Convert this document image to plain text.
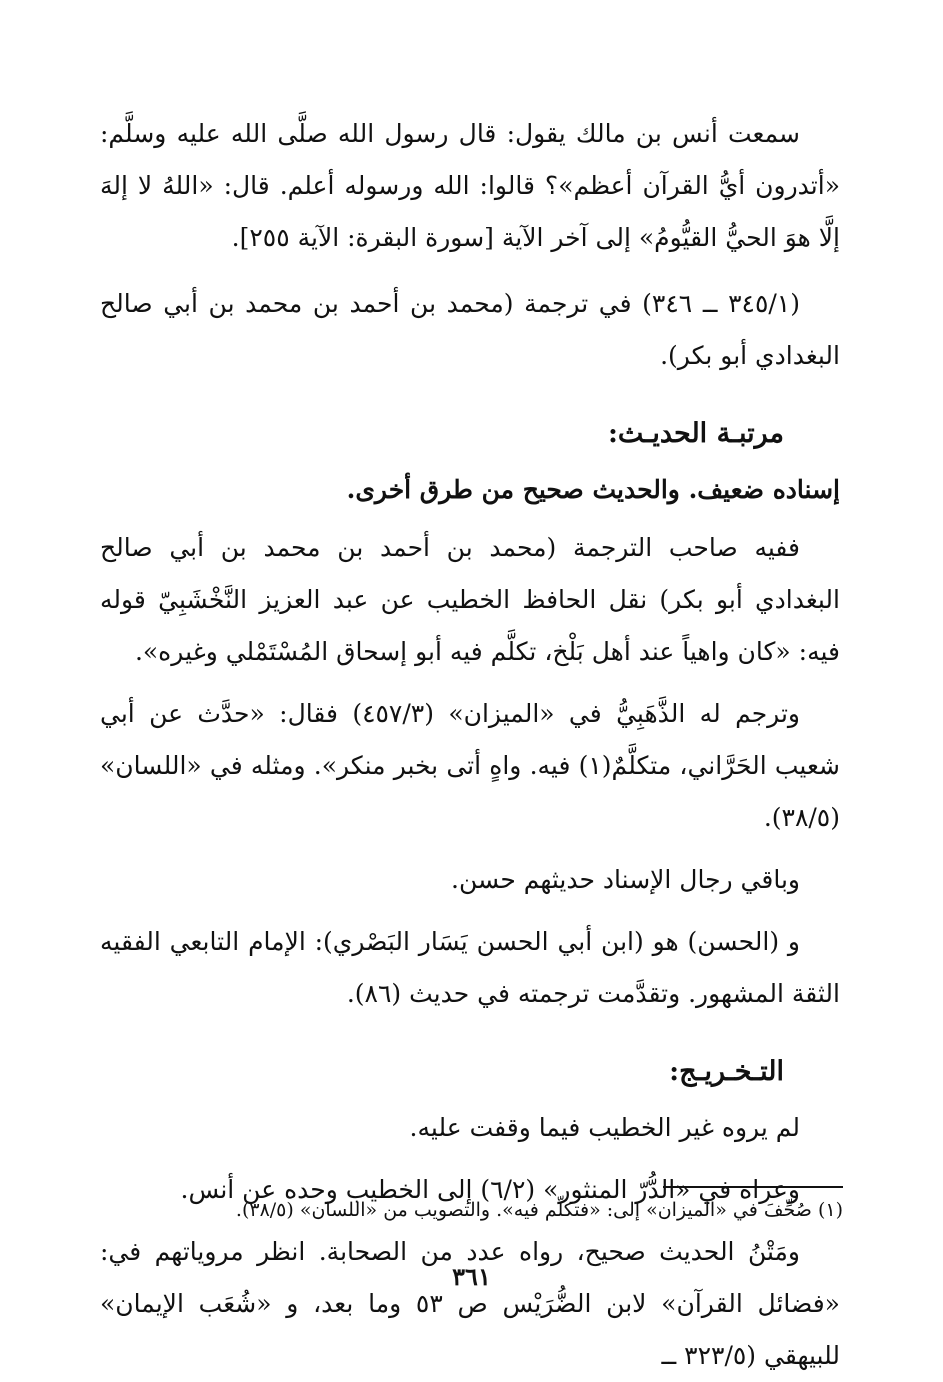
سمعت أنس بن مالك يقول: قال رسول الله صلَّى الله عليه وسلَّم: «أتدرون أيُّ القرآن أعظم»؟ قالوا: الله ورسوله أعلم. قال: «اللهُ لا إلهَ إلَّا هوَ الحيُّ القيُّومُ» إلى آخر الآية [سورة البقرة: الآية ٢٥٥].

(٣٤٥/١ ــ ٣٤٦) في ترجمة (محمد بن أحمد بن محمد بن أبي صالح البغدادي أبو بكر).

مرتبـة الحديـث:

إسناده ضعيف. والحديث صحيح من طرق أخرى.

ففيه صاحب الترجمة (محمد بن أحمد بن محمد بن أبي صالح البغدادي أبو بكر) نقل الحافظ الخطيب عن عبد العزيز النَّخْشَبِيّ قوله فيه: «كان واهياً عند أهل بَلْخ، تكلَّم فيه أبو إسحاق المُسْتَمْلي وغيره».

وترجم له الذَّهَبِيُّ في «الميزان» (٤٥٧/٣) فقال: «حدَّث عن أبي شعيب الحَرَّاني، متكلَّمٌ(١) فيه. واهٍ أتى بخبر منكر». ومثله في «اللسان» (٣٨/٥).

وباقي رجال الإسناد حديثهم حسن.

و (الحسن) هو (ابن أبي الحسن يَسَار البَصْري): الإمام التابعي الفقيه الثقة المشهور. وتقدَّمت ترجمته في حديث (٨٦).

التـخـريـج:

لم يروه غير الخطيب فيما وقفت عليه.

وعزاه في «الدُّرّ المنثور» (٦/٢) إلى الخطيب وحده عن أنس.

ومَتْنُ الحديث صحيح، رواه عدد من الصحابة. انظر مروياتهم في: «فضائل القرآن» لابن الضُّرَيْس ص ٥٣ وما بعد، و «شُعَب الإيمان» للبيهقي (٣٢٣/٥ ــ

(١) صُحِّفَ في «الميزان» إلى: «فتكلّم فيه». والتصويب من «اللسان» (٣٨/٥).
٣٦١
